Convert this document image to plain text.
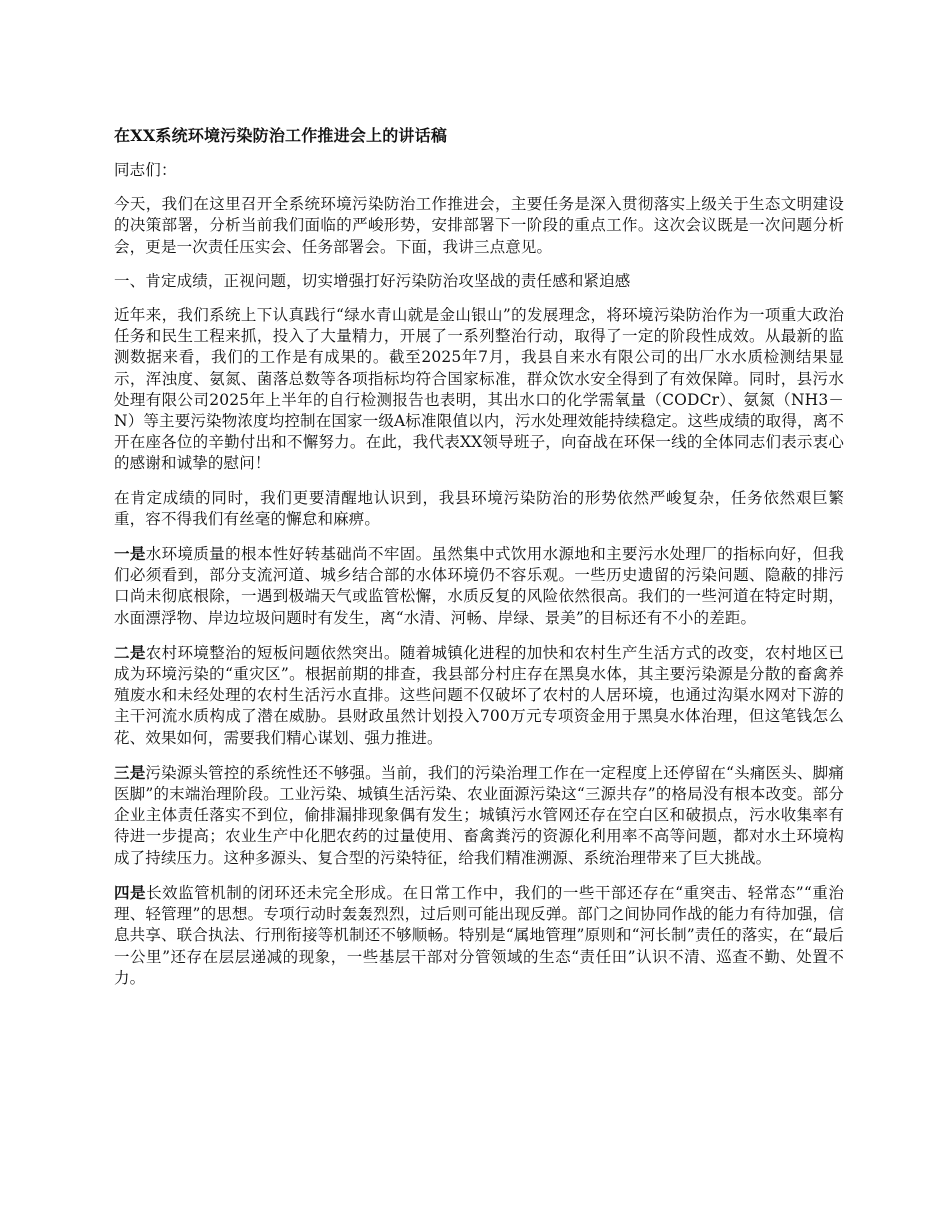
在XX系统环境污染防治工作推进会上的讲话稿

同志们：

今天，我们在这里召开全系统环境污染防治工作推进会，主要任务是深入贯彻落实上级关于生态文明建设的决策部署，分析当前我们面临的严峻形势，安排部署下一阶段的重点工作。这次会议既是一次问题分析会，更是一次责任压实会、任务部署会。下面，我讲三点意见。

一、肯定成绩，正视问题，切实增强打好污染防治攻坚战的责任感和紧迫感

近年来，我们系统上下认真践行“绿水青山就是金山银山”的发展理念，将环境污染防治作为一项重大政治任务和民生工程来抓，投入了大量精力，开展了一系列整治行动，取得了一定的阶段性成效。从最新的监测数据来看，我们的工作是有成果的。截至2025年7月，我县自来水有限公司的出厂水水质检测结果显示，浑浊度、氨氮、菌落总数等各项指标均符合国家标准，群众饮水安全得到了有效保障。同时，县污水处理有限公司2025年上半年的自行检测报告也表明，其出水口的化学需氧量（CODCr）、氨氮（NH3－N）等主要污染物浓度均控制在国家一级A标准限值以内，污水处理效能持续稳定。这些成绩的取得，离不开在座各位的辛勤付出和不懈努力。在此，我代表XX领导班子，向奋战在环保一线的全体同志们表示衷心的感谢和诚挚的慰问！

在肯定成绩的同时，我们更要清醒地认识到，我县环境污染防治的形势依然严峻复杂，任务依然艰巨繁重，容不得我们有丝毫的懈怠和麻痹。

一是水环境质量的根本性好转基础尚不牢固。虽然集中式饮用水源地和主要污水处理厂的指标向好，但我们必须看到，部分支流河道、城乡结合部的水体环境仍不容乐观。一些历史遗留的污染问题、隐蔽的排污口尚未彻底根除，一遇到极端天气或监管松懈，水质反复的风险依然很高。我们的一些河道在特定时期，水面漂浮物、岸边垃圾问题时有发生，离“水清、河畅、岸绿、景美”的目标还有不小的差距。

二是农村环境整治的短板问题依然突出。随着城镇化进程的加快和农村生产生活方式的改变，农村地区已成为环境污染的“重灾区”。根据前期的排查，我县部分村庄存在黑臭水体，其主要污染源是分散的畜禽养殖废水和未经处理的农村生活污水直排。这些问题不仅破坏了农村的人居环境，也通过沟渠水网对下游的主干河流水质构成了潜在威胁。县财政虽然计划投入700万元专项资金用于黑臭水体治理，但这笔钱怎么花、效果如何，需要我们精心谋划、强力推进。

三是污染源头管控的系统性还不够强。当前，我们的污染治理工作在一定程度上还停留在“头痛医头、脚痛医脚”的末端治理阶段。工业污染、城镇生活污染、农业面源污染这“三源共存”的格局没有根本改变。部分企业主体责任落实不到位，偷排漏排现象偶有发生；城镇污水管网还存在空白区和破损点，污水收集率有待进一步提高；农业生产中化肥农药的过量使用、畜禽粪污的资源化利用率不高等问题，都对水土环境构成了持续压力。这种多源头、复合型的污染特征，给我们精准溯源、系统治理带来了巨大挑战。

四是长效监管机制的闭环还未完全形成。在日常工作中，我们的一些干部还存在“重突击、轻常态”“重治理、轻管理”的思想。专项行动时轰轰烈烈，过后则可能出现反弹。部门之间协同作战的能力有待加强，信息共享、联合执法、行刑衔接等机制还不够顺畅。特别是“属地管理”原则和“河长制”责任的落实，在“最后一公里”还存在层层递减的现象，一些基层干部对分管领域的生态“责任田”认识不清、巡查不勤、处置不力。
